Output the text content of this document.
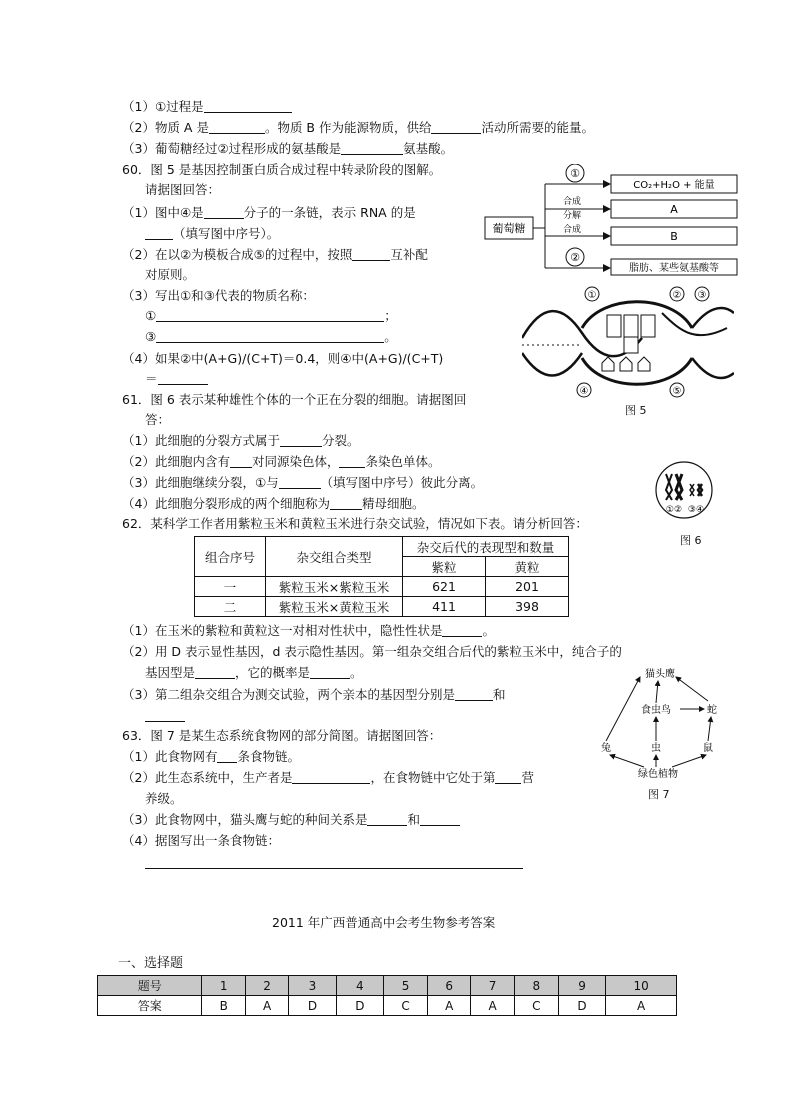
（1）①过程是
（2）物质 A 是	。物质 B 作为能源物质，供给	活动所需要的能量。
（3）葡萄糖经过②过程形成的氨基酸是	氨基酸。
60．图 5 是基因控制蛋白质合成过程中转录阶段的图解。
请据图回答：
（1）图中④是	分子的一条链，表示 RNA 的是
（填写图中序号）。
（2）在以②为模板合成⑤的过程中，按照	互补配
对原则。
（3）写出①和③代表的物质名称：
①	；
③	。
（4）如果②中(A+G)/(C+T)＝0.4，则④中(A+G)/(C+T)
＝
葡萄糖
①
②
CO₂+H₂O + 能量
合成
A
分解
合成	B
脂肪、某些氨基酸等
①	② ③
④	⑤
图 5
61．图 6 表示某种雄性个体的一个正在分裂的细胞。请据图回
答：
（1）此细胞的分裂方式属于	分裂。
（2）此细胞内含有 对同源染色体， 条染色单体。
（3）此细胞继续分裂，①与	（填写图中序号）彼此分离。
（4）此细胞分裂形成的两个细胞称为	精母细胞。	①② ③④
图 6
62．某科学工作者用紫粒玉米和黄粒玉米进行杂交试验，情况如下表。请分析回答：
组合序号	杂交组合类型	杂交后代的表现型和数量	
		紫粒	黄粒
一	紫粒玉米×紫粒玉米	621	201
二	紫粒玉米×黄粒玉米	411	398
（1）在玉米的紫粒和黄粒这一对相对性状中，隐性性状是	。
（2）用 D 表示显性基因，d 表示隐性基因。第一组杂交组合后代的紫粒玉米中，纯合子的
基因型是	，它的概率是	。
（3）第二组杂交组合为测交试验，两个亲本的基因型分别是	和
猫头鹰
食虫鸟	蛇
兔	虫	鼠
绿色植物
图 7
63．图 7 是某生态系统食物网的部分简图。请据图回答：
（1）此食物网有 条食物链。
（2）此生态系统中，生产者是	，在食物链中它处于第 营
养级。
（3）此食物网中，猫头鹰与蛇的种间关系是	和
（4）据图写出一条食物链：
2011 年广西普通高中会考生物参考答案
一、选择题
题号	1	2	3	4	5	6	7	8	9	10
答案	B	A	D	D	C	A	A	C	D	A
